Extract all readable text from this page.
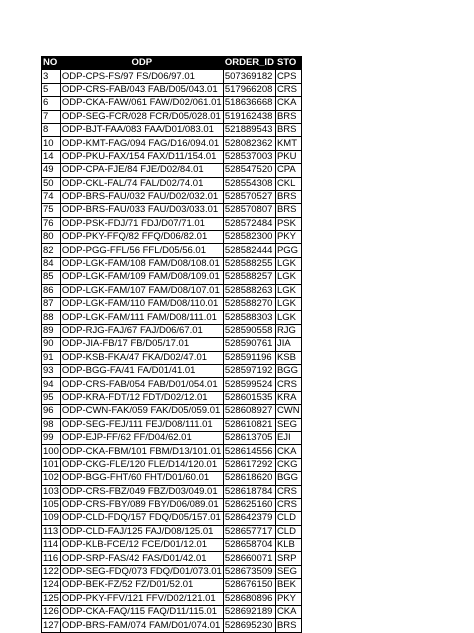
NO	ODP	ORDER_ID	STO
3	ODP-CPS-FS/97 FS/D06/97.01	507369182	CPS
5	ODP-CRS-FAB/043 FAB/D05/043.01	517966208	CRS
6	ODP-CKA-FAW/061 FAW/D02/061.01	518636668	CKA
7	ODP-SEG-FCR/028 FCR/D05/028.01	519162438	BRS
8	ODP-BJT-FAA/083 FAA/D01/083.01	521889543	BRS
10	ODP-KMT-FAG/094 FAG/D16/094.01	528082362	KMT
14	ODP-PKU-FAX/154 FAX/D11/154.01	528537003	PKU
49	ODP-CPA-FJE/84 FJE/D02/84.01	528547520	CPA
50	ODP-CKL-FAL/74 FAL/D02/74.01	528554308	CKL
74	ODP-BRS-FAU/032 FAU/D02/032.01	528570527	BRS
75	ODP-BRS-FAU/033 FAU/D03/033.01	528570807	BRS
76	ODP-PSK-FDJ/71 FDJ/D07/71.01	528572484	PSK
80	ODP-PKY-FFQ/82 FFQ/D06/82.01	528582300	PKY
82	ODP-PGG-FFL/56 FFL/D05/56.01	528582444	PGG
84	ODP-LGK-FAM/108 FAM/D08/108.01	528588255	LGK
85	ODP-LGK-FAM/109 FAM/D08/109.01	528588257	LGK
86	ODP-LGK-FAM/107 FAM/D08/107.01	528588263	LGK
87	ODP-LGK-FAM/110 FAM/D08/110.01	528588270	LGK
88	ODP-LGK-FAM/111 FAM/D08/111.01	528588303	LGK
89	ODP-RJG-FAJ/67 FAJ/D06/67.01	528590558	RJG
90	ODP-JIA-FB/17 FB/D05/17.01	528590761	JIA
91	ODP-KSB-FKA/47 FKA/D02/47.01	528591196	KSB
93	ODP-BGG-FA/41 FA/D01/41.01	528597192	BGG
94	ODP-CRS-FAB/054 FAB/D01/054.01	528599524	CRS
95	ODP-KRA-FDT/12 FDT/D02/12.01	528601535	KRA
96	ODP-CWN-FAK/059 FAK/D05/059.01	528608927	CWN
98	ODP-SEG-FEJ/111 FEJ/D08/111.01	528610821	SEG
99	ODP-EJP-FF/62 FF/D04/62.01	528613705	EJI
100	ODP-CKA-FBM/101 FBM/D13/101.01	528614556	CKA
101	ODP-CKG-FLE/120 FLE/D14/120.01	528617292	CKG
102	ODP-BGG-FHT/60 FHT/D01/60.01	528618620	BGG
103	ODP-CRS-FBZ/049 FBZ/D03/049.01	528618784	CRS
105	ODP-CRS-FBY/089 FBY/D06/089.01	528625160	CRS
109	ODP-CLD-FDQ/157 FDQ/D05/157.01	528642379	CLD
113	ODP-CLD-FAJ/125 FAJ/D08/125.01	528657717	CLD
114	ODP-KLB-FCE/12 FCE/D01/12.01	528658704	KLB
116	ODP-SRP-FAS/42 FAS/D01/42.01	528660071	SRP
122	ODP-SEG-FDQ/073 FDQ/D01/073.01	528673509	SEG
124	ODP-BEK-FZ/52 FZ/D01/52.01	528676150	BEK
125	ODP-PKY-FFV/121 FFV/D02/121.01	528680896	PKY
126	ODP-CKA-FAQ/115 FAQ/D11/115.01	528692189	CKA
127	ODP-BRS-FAM/074 FAM/D01/074.01	528695230	BRS
